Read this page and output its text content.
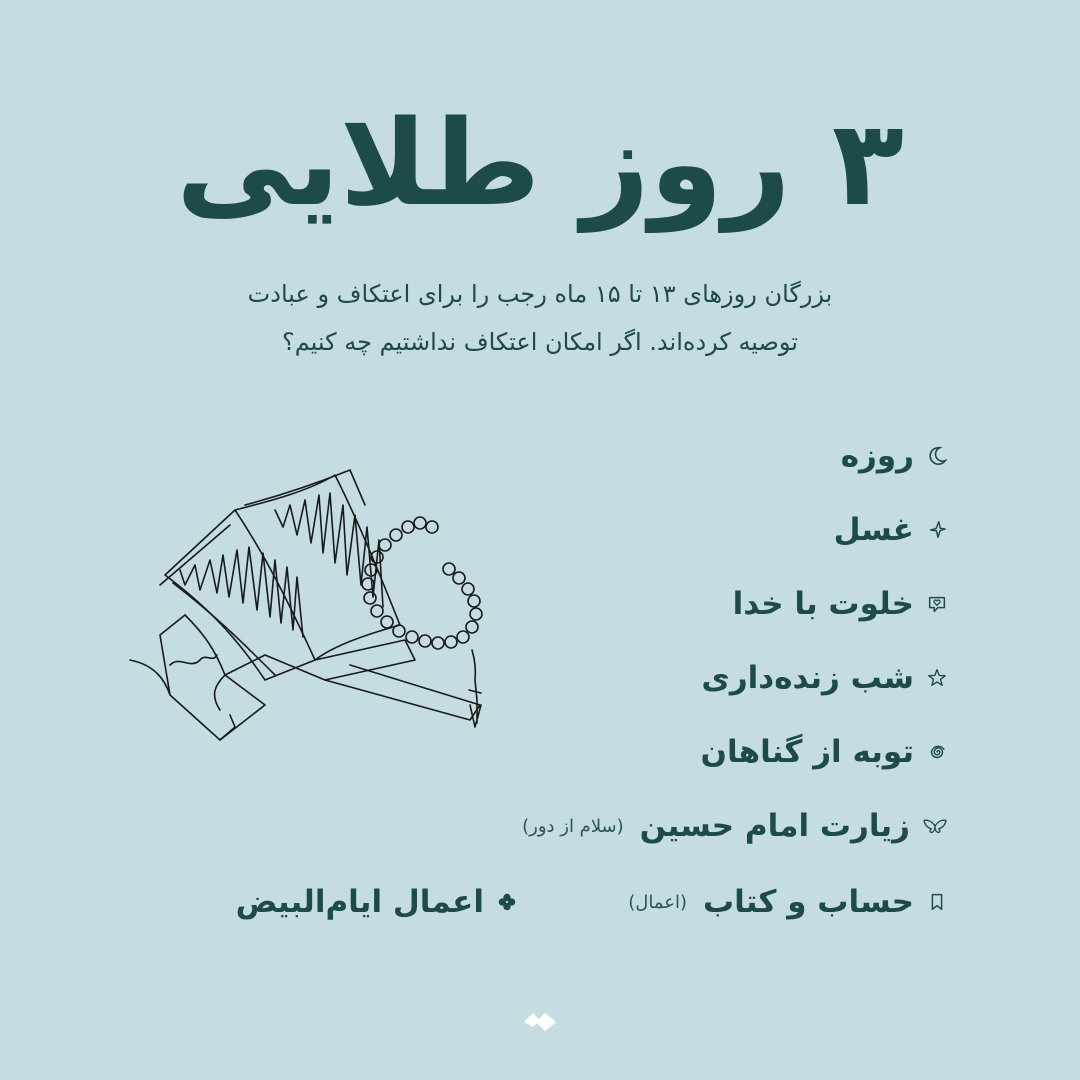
۳ روز طلایی
بزرگان روزهای ۱۳ تا ۱۵ ماه رجب را برای اعتکاف و عبادت
توصیه کرده‌اند. اگر امکان اعتکاف نداشتیم چه کنیم؟
روزه
غسل
خلوت با خدا
شب زنده‌داری
توبه از گناهان
زیارت امام حسین
(سلام از دور)
حساب و کتاب
(اعمال)
اعمال ایام‌البیض
